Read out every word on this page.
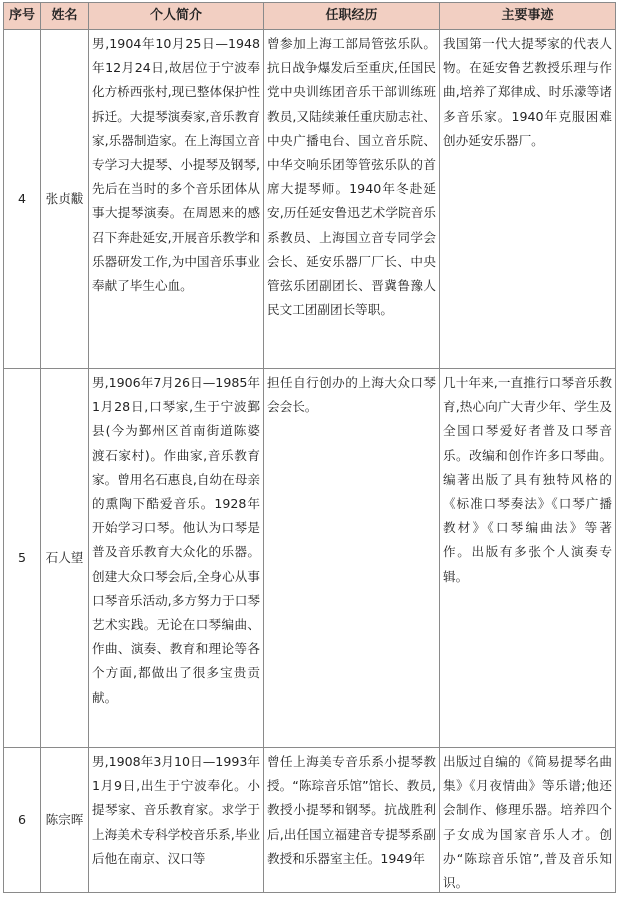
序号	姓名	个人简介	任职经历	主要事迹
4	张贞黻	男,1904年10月25日—1948年12月24日,故居位于宁波奉化方桥西张村,现已整体保护性拆迁。大提琴演奏家,音乐教育家,乐器制造家。在上海国立音专学习大提琴、小提琴及钢琴,先后在当时的多个音乐团体从事大提琴演奏。在周恩来的感召下奔赴延安,开展音乐教学和乐器研发工作,为中国音乐事业奉献了毕生心血。	曾参加上海工部局管弦乐队。抗日战争爆发后至重庆,任国民党中央训练团音乐干部训练班教员,又陆续兼任重庆励志社、中央广播电台、国立音乐院、中华交响乐团等管弦乐队的首席大提琴师。1940年冬赴延安,历任延安鲁迅艺术学院音乐系教员、上海国立音专同学会会长、延安乐器厂厂长、中央管弦乐团副团长、晋冀鲁豫人民文工团副团长等职。	我国第一代大提琴家的代表人物。在延安鲁艺教授乐理与作曲,培养了郑律成、时乐濛等诸多音乐家。1940年克服困难创办延安乐器厂。

5	石人望	男,1906年7月26日—1985年1月28日,口琴家,生于宁波鄞县(今为鄞州区首南街道陈婆渡石家村)。作曲家,音乐教育家。曾用名石惠良,自幼在母亲的熏陶下酷爱音乐。1928年开始学习口琴。他认为口琴是普及音乐教育大众化的乐器。创建大众口琴会后,全身心从事口琴音乐活动,多方努力于口琴艺术实践。无论在口琴编曲、作曲、演奏、教育和理论等各个方面,都做出了很多宝贵贡献。	担任自行创办的上海大众口琴会会长。	几十年来,一直推行口琴音乐教育,热心向广大青少年、学生及全国口琴爱好者普及口琴音乐。改编和创作许多口琴曲。编著出版了具有独特风格的《标准口琴奏法》《口琴广播教材》《口琴编曲法》等著作。出版有多张个人演奏专辑。

6	陈宗晖	男,1908年3月10日—1993年1月9日,出生于宁波奉化。小提琴家、音乐教育家。求学于上海美术专科学校音乐系,毕业后他在南京、汉口等	曾任上海美专音乐系小提琴教授。“陈琮音乐馆”馆长、教员,教授小提琴和钢琴。抗战胜利后,出任国立福建音专提琴系副教授和乐器室主任。1949年	出版过自编的《简易提琴名曲集》《月夜情曲》等乐谱;他还会制作、修理乐器。培养四个子女成为国家音乐人才。创办“陈琮音乐馆”,普及音乐知识。
